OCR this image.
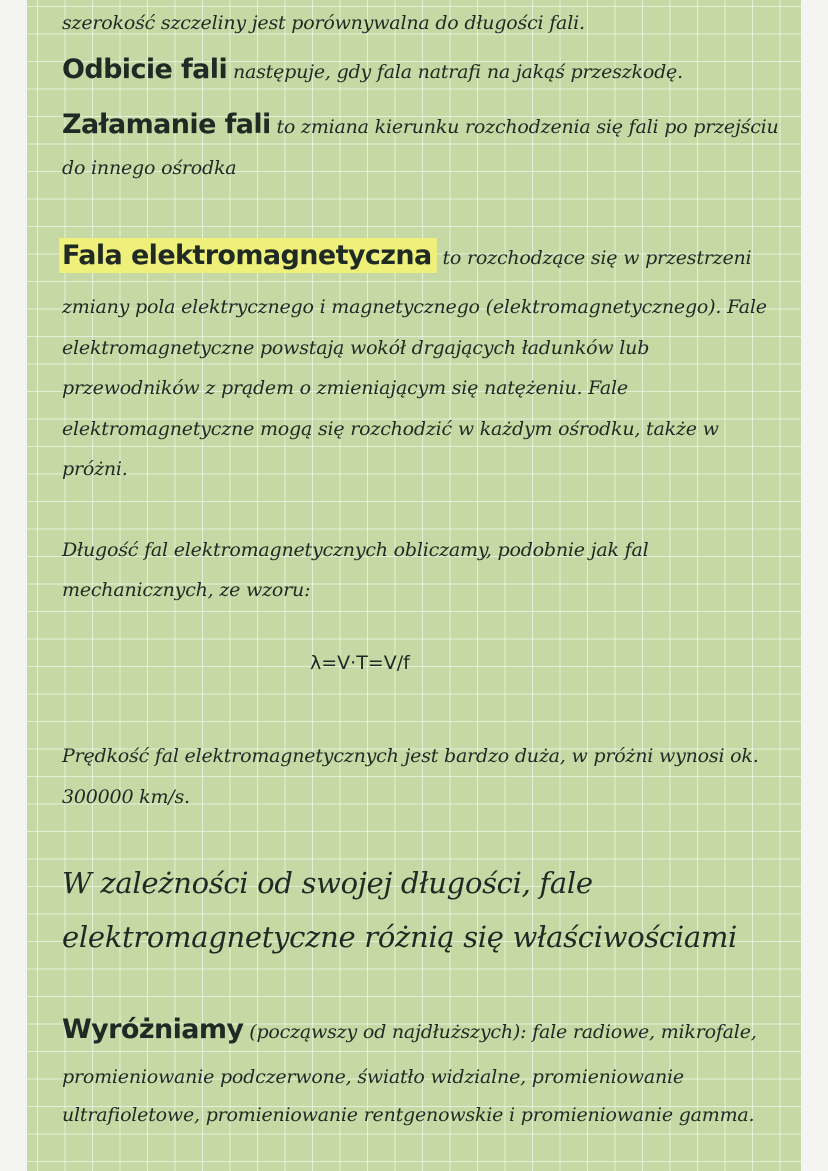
szerokość szczeliny jest porównywalna do długości fali.
Odbicie fali następuje, gdy fala natrafi na jakąś przeszkodę.
Załamanie fali to zmiana kierunku rozchodzenia się fali po przejściu
do innego ośrodka
Fala elektromagnetyczna to rozchodzące się w przestrzeni
zmiany pola elektrycznego i magnetycznego (elektromagnetycznego). Fale
elektromagnetyczne powstają wokół drgających ładunków lub
przewodników z prądem o zmieniającym się natężeniu. Fale
elektromagnetyczne mogą się rozchodzić w każdym ośrodku, także w
próżni.
Długość fal elektromagnetycznych obliczamy, podobnie jak fal
mechanicznych, ze wzoru:
λ=V·T=V/f
Prędkość fal elektromagnetycznych jest bardzo duża, w próżni wynosi ok.
300000 km/s.
W zależności od swojej długości, fale
elektromagnetyczne różnią się właściwościami
Wyróżniamy (począwszy od najdłuższych): fale radiowe, mikrofale,
promieniowanie podczerwone, światło widzialne, promieniowanie
ultrafioletowe, promieniowanie rentgenowskie i promieniowanie gamma.
